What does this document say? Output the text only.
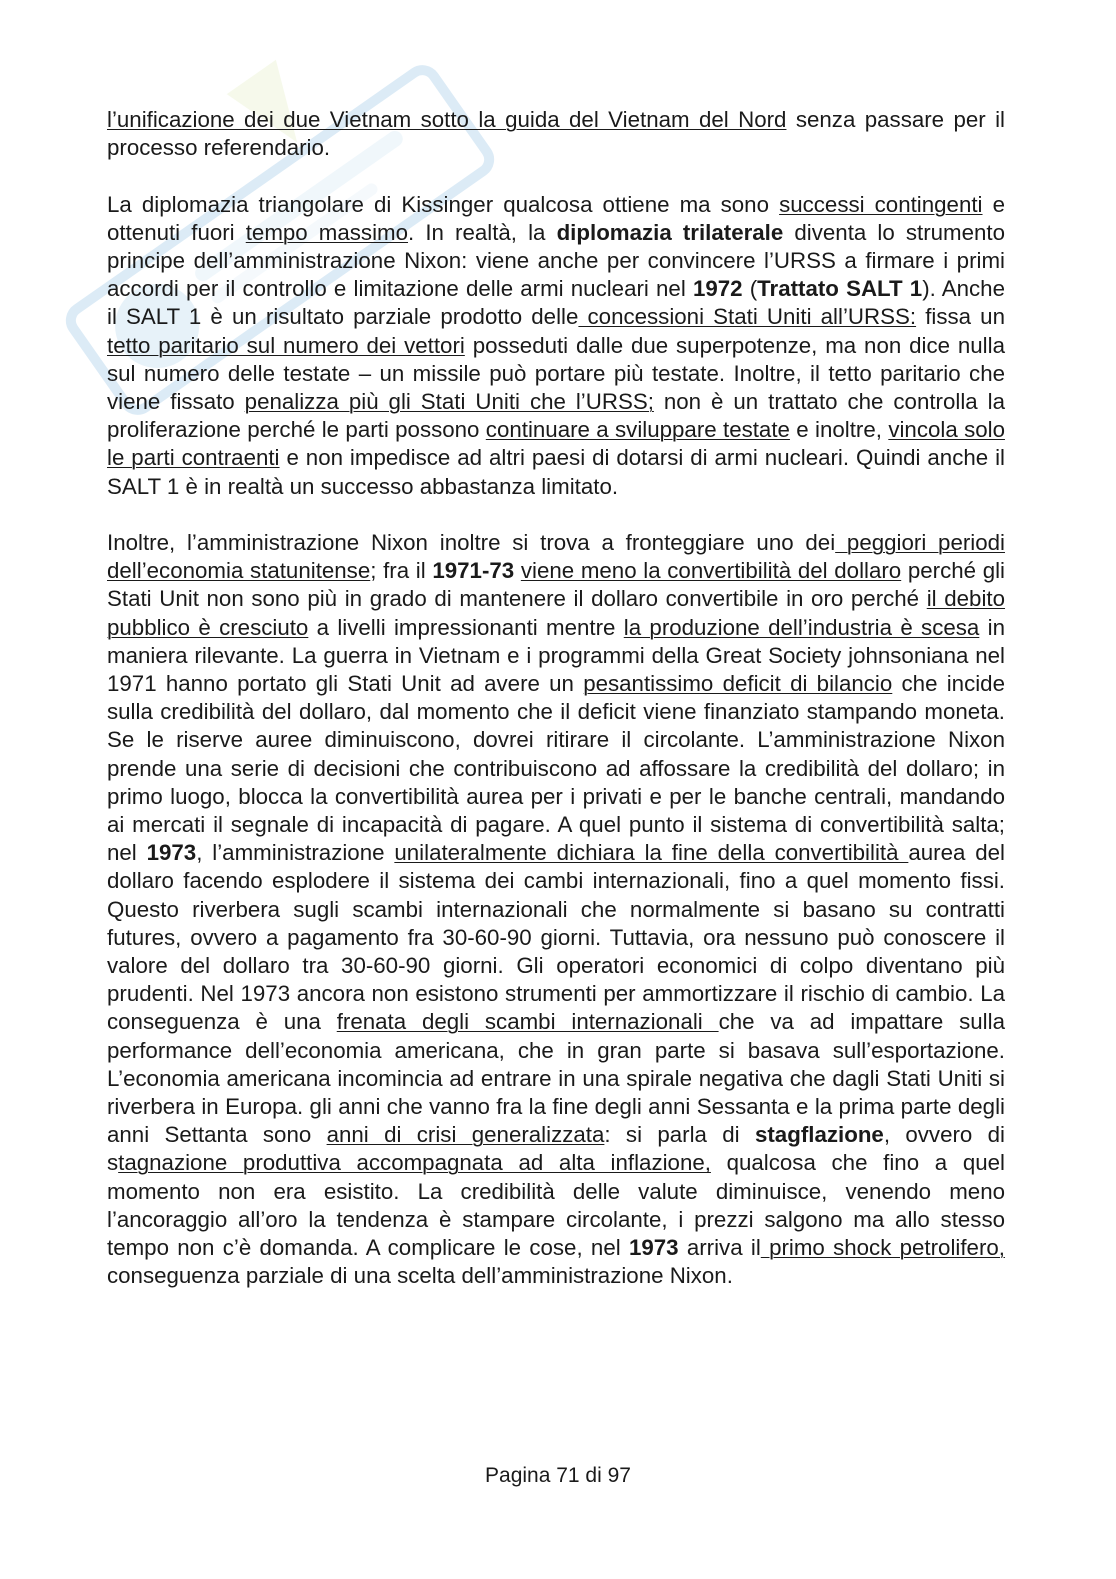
l’unificazione dei due Vietnam sotto la guida del Vietnam del Nord senza passare per il processo referendario.

La diplomazia triangolare di Kissinger qualcosa ottiene ma sono successi contingenti e ottenuti fuori tempo massimo. In realtà, la diplomazia trilaterale diventa lo strumento principe dell’amministrazione Nixon: viene anche per convincere l’URSS a firmare i primi accordi per il controllo e limitazione delle armi nucleari nel 1972 (Trattato SALT 1). Anche il SALT 1 è un risultato parziale prodotto delle concessioni Stati Uniti all’URSS: fissa un tetto paritario sul numero dei vettori posseduti dalle due superpotenze, ma non dice nulla sul numero delle testate – un missile può portare più testate. Inoltre, il tetto paritario che viene fissato penalizza più gli Stati Uniti che l’URSS; non è un trattato che controlla la proliferazione perché le parti possono continuare a sviluppare testate e inoltre, vincola solo le parti contraenti e non impedisce ad altri paesi di dotarsi di armi nucleari. Quindi anche il SALT 1 è in realtà un successo abbastanza limitato.

Inoltre, l’amministrazione Nixon inoltre si trova a fronteggiare uno dei peggiori periodi dell’economia statunitense; fra il 1971-73 viene meno la convertibilità del dollaro perché gli Stati Unit non sono più in grado di mantenere il dollaro convertibile in oro perché il debito pubblico è cresciuto a livelli impressionanti mentre la produzione dell’industria è scesa in maniera rilevante. La guerra in Vietnam e i programmi della Great Society johnsoniana nel 1971 hanno portato gli Stati Unit ad avere un pesantissimo deficit di bilancio che incide sulla credibilità del dollaro, dal momento che il deficit viene finanziato stampando moneta. Se le riserve auree diminuiscono, dovrei ritirare il circolante. L’amministrazione Nixon prende una serie di decisioni che contribuiscono ad affossare la credibilità del dollaro; in primo luogo, blocca la convertibilità aurea per i privati e per le banche centrali, mandando ai mercati il segnale di incapacità di pagare. A quel punto il sistema di convertibilità salta; nel 1973, l’amministrazione unilateralmente dichiara la fine della convertibilità aurea del dollaro facendo esplodere il sistema dei cambi internazionali, fino a quel momento fissi. Questo riverbera sugli scambi internazionali che normalmente si basano su contratti futures, ovvero a pagamento fra 30-60-90 giorni. Tuttavia, ora nessuno può conoscere il valore del dollaro tra 30-60-90 giorni. Gli operatori economici di colpo diventano più prudenti. Nel 1973 ancora non esistono strumenti per ammortizzare il rischio di cambio. La conseguenza è una frenata degli scambi internazionali che va ad impattare sulla performance dell’economia americana, che in gran parte si basava sull’esportazione. L’economia americana incomincia ad entrare in una spirale negativa che dagli Stati Uniti si riverbera in Europa. gli anni che vanno fra la fine degli anni Sessanta e la prima parte degli anni Settanta sono anni di crisi generalizzata: si parla di stagflazione, ovvero di stagnazione produttiva accompagnata ad alta inflazione, qualcosa che fino a quel momento non era esistito. La credibilità delle valute diminuisce, venendo meno l’ancoraggio all’oro la tendenza è stampare circolante, i prezzi salgono ma allo stesso tempo non c’è domanda. A complicare le cose, nel 1973 arriva il primo shock petrolifero, conseguenza parziale di una scelta dell’amministrazione Nixon.

Pagina 71 di 97
